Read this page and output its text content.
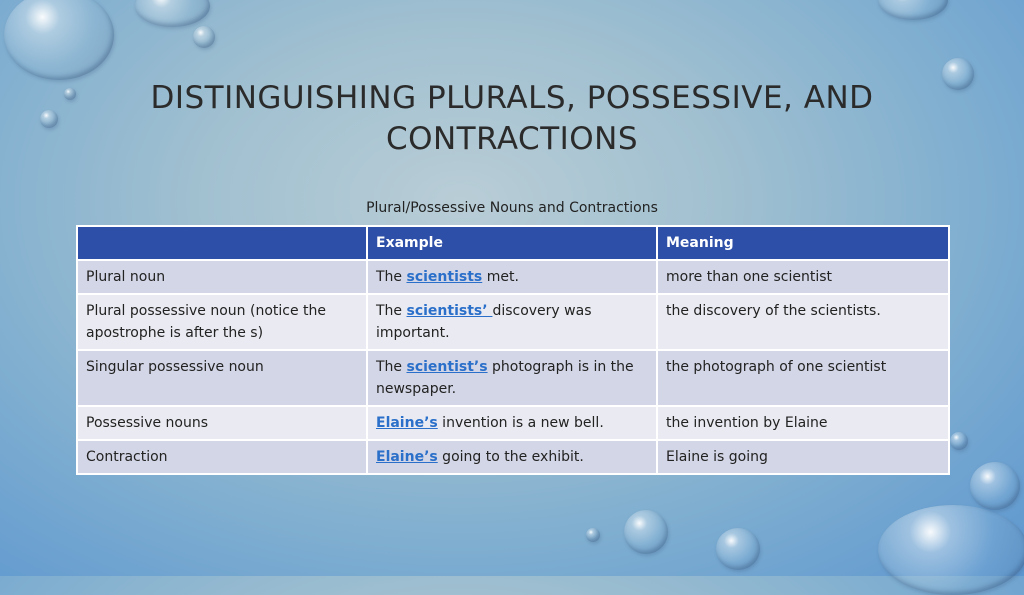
DISTINGUISHING PLURALS, POSSESSIVE, AND
CONTRACTIONS
Plural/Possessive Nouns and Contractions
	Example	Meaning
Plural noun	The scientists met.	more than one scientist
Plural possessive noun (notice the apostrophe is after the s)	The scientists’ discovery was important.	the discovery of the scientists.
Singular possessive noun	The scientist’s photograph is in the newspaper.	the photograph of one scientist
Possessive nouns	Elaine’s invention is a new bell.	the invention by Elaine
Contraction	Elaine’s going to the exhibit.	Elaine is going
